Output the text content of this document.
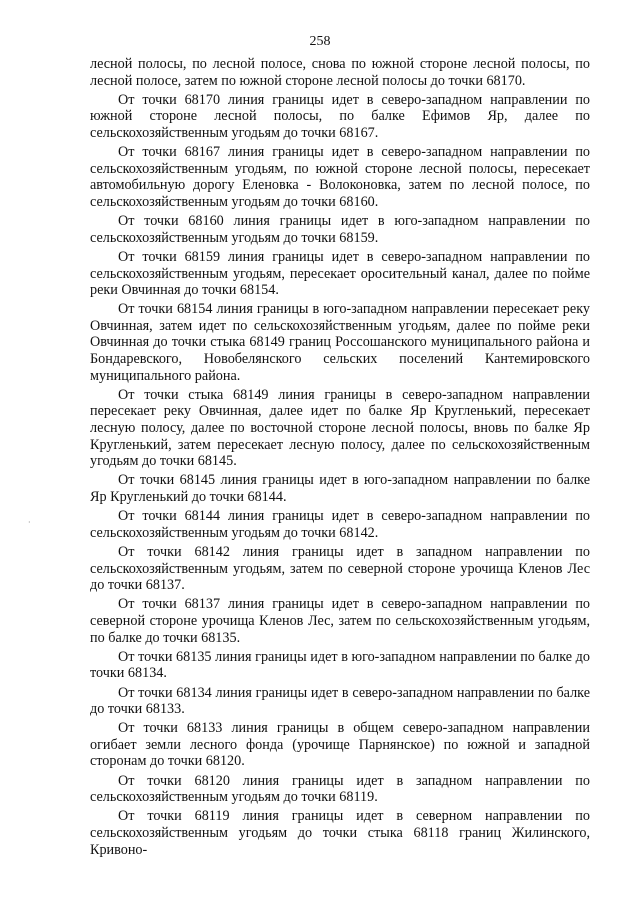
258
·

лесной полосы, по лесной полосе, снова по южной стороне лесной полосы, по лесной полосе, затем по южной стороне лесной полосы до точки 68170.

От точки 68170 линия границы идет в северо-западном направлении по южной стороне лесной полосы, по балке Ефимов Яр, далее по сельскохозяйственным угодьям до точки 68167.

От точки 68167 линия границы идет в северо-западном направлении по сельскохозяйственным угодьям, по южной стороне лесной полосы, пересекает автомобильную дорогу Еленовка - Волоконовка, затем по лесной полосе, по сельскохозяйственным угодьям до точки 68160.

От точки 68160 линия границы идет в юго-западном направлении по сельскохозяйственным угодьям до точки 68159.

От точки 68159 линия границы идет в северо-западном направлении по сельскохозяйственным угодьям, пересекает оросительный канал, далее по пойме реки Овчинная до точки 68154.

От точки 68154 линия границы в юго-западном направлении пересекает реку Овчинная, затем идет по сельскохозяйственным угодьям, далее по пойме реки Овчинная до точки стыка 68149 границ Россошанского муниципального района и Бондаревского, Новобелянского сельских поселений Кантемировского муниципального района.

От точки стыка 68149 линия границы в северо-западном направлении пересекает реку Овчинная, далее идет по балке Яр Кругленький, пересекает лесную полосу, далее по восточной стороне лесной полосы, вновь по балке Яр Кругленький, затем пересекает лесную полосу, далее по сельскохозяйственным угодьям до точки 68145.

От точки 68145 линия границы идет в юго-западном направлении по балке Яр Кругленький до точки 68144.

От точки 68144 линия границы идет в северо-западном направлении по сельскохозяйственным угодьям до точки 68142.

От точки 68142 линия границы идет в западном направлении по сельскохозяйственным угодьям, затем по северной стороне урочища Кленов Лес до точки 68137.

От точки 68137 линия границы идет в северо-западном направлении по северной стороне урочища Кленов Лес, затем по сельскохозяйственным угодьям, по балке до точки 68135.

От точки 68135 линия границы идет в юго-западном направлении по балке до точки 68134.

От точки 68134 линия границы идет в северо-западном направлении по балке до точки 68133.

От точки 68133 линия границы в общем северо-западном направлении огибает земли лесного фонда (урочище Парнянское) по южной и западной сторонам до точки 68120.

От точки 68120 линия границы идет в западном направлении по сельскохозяйственным угодьям до точки 68119.

От точки 68119 линия границы идет в северном направлении по сельскохозяйственным угодьям до точки стыка 68118 границ Жилинского, Кривоно-
